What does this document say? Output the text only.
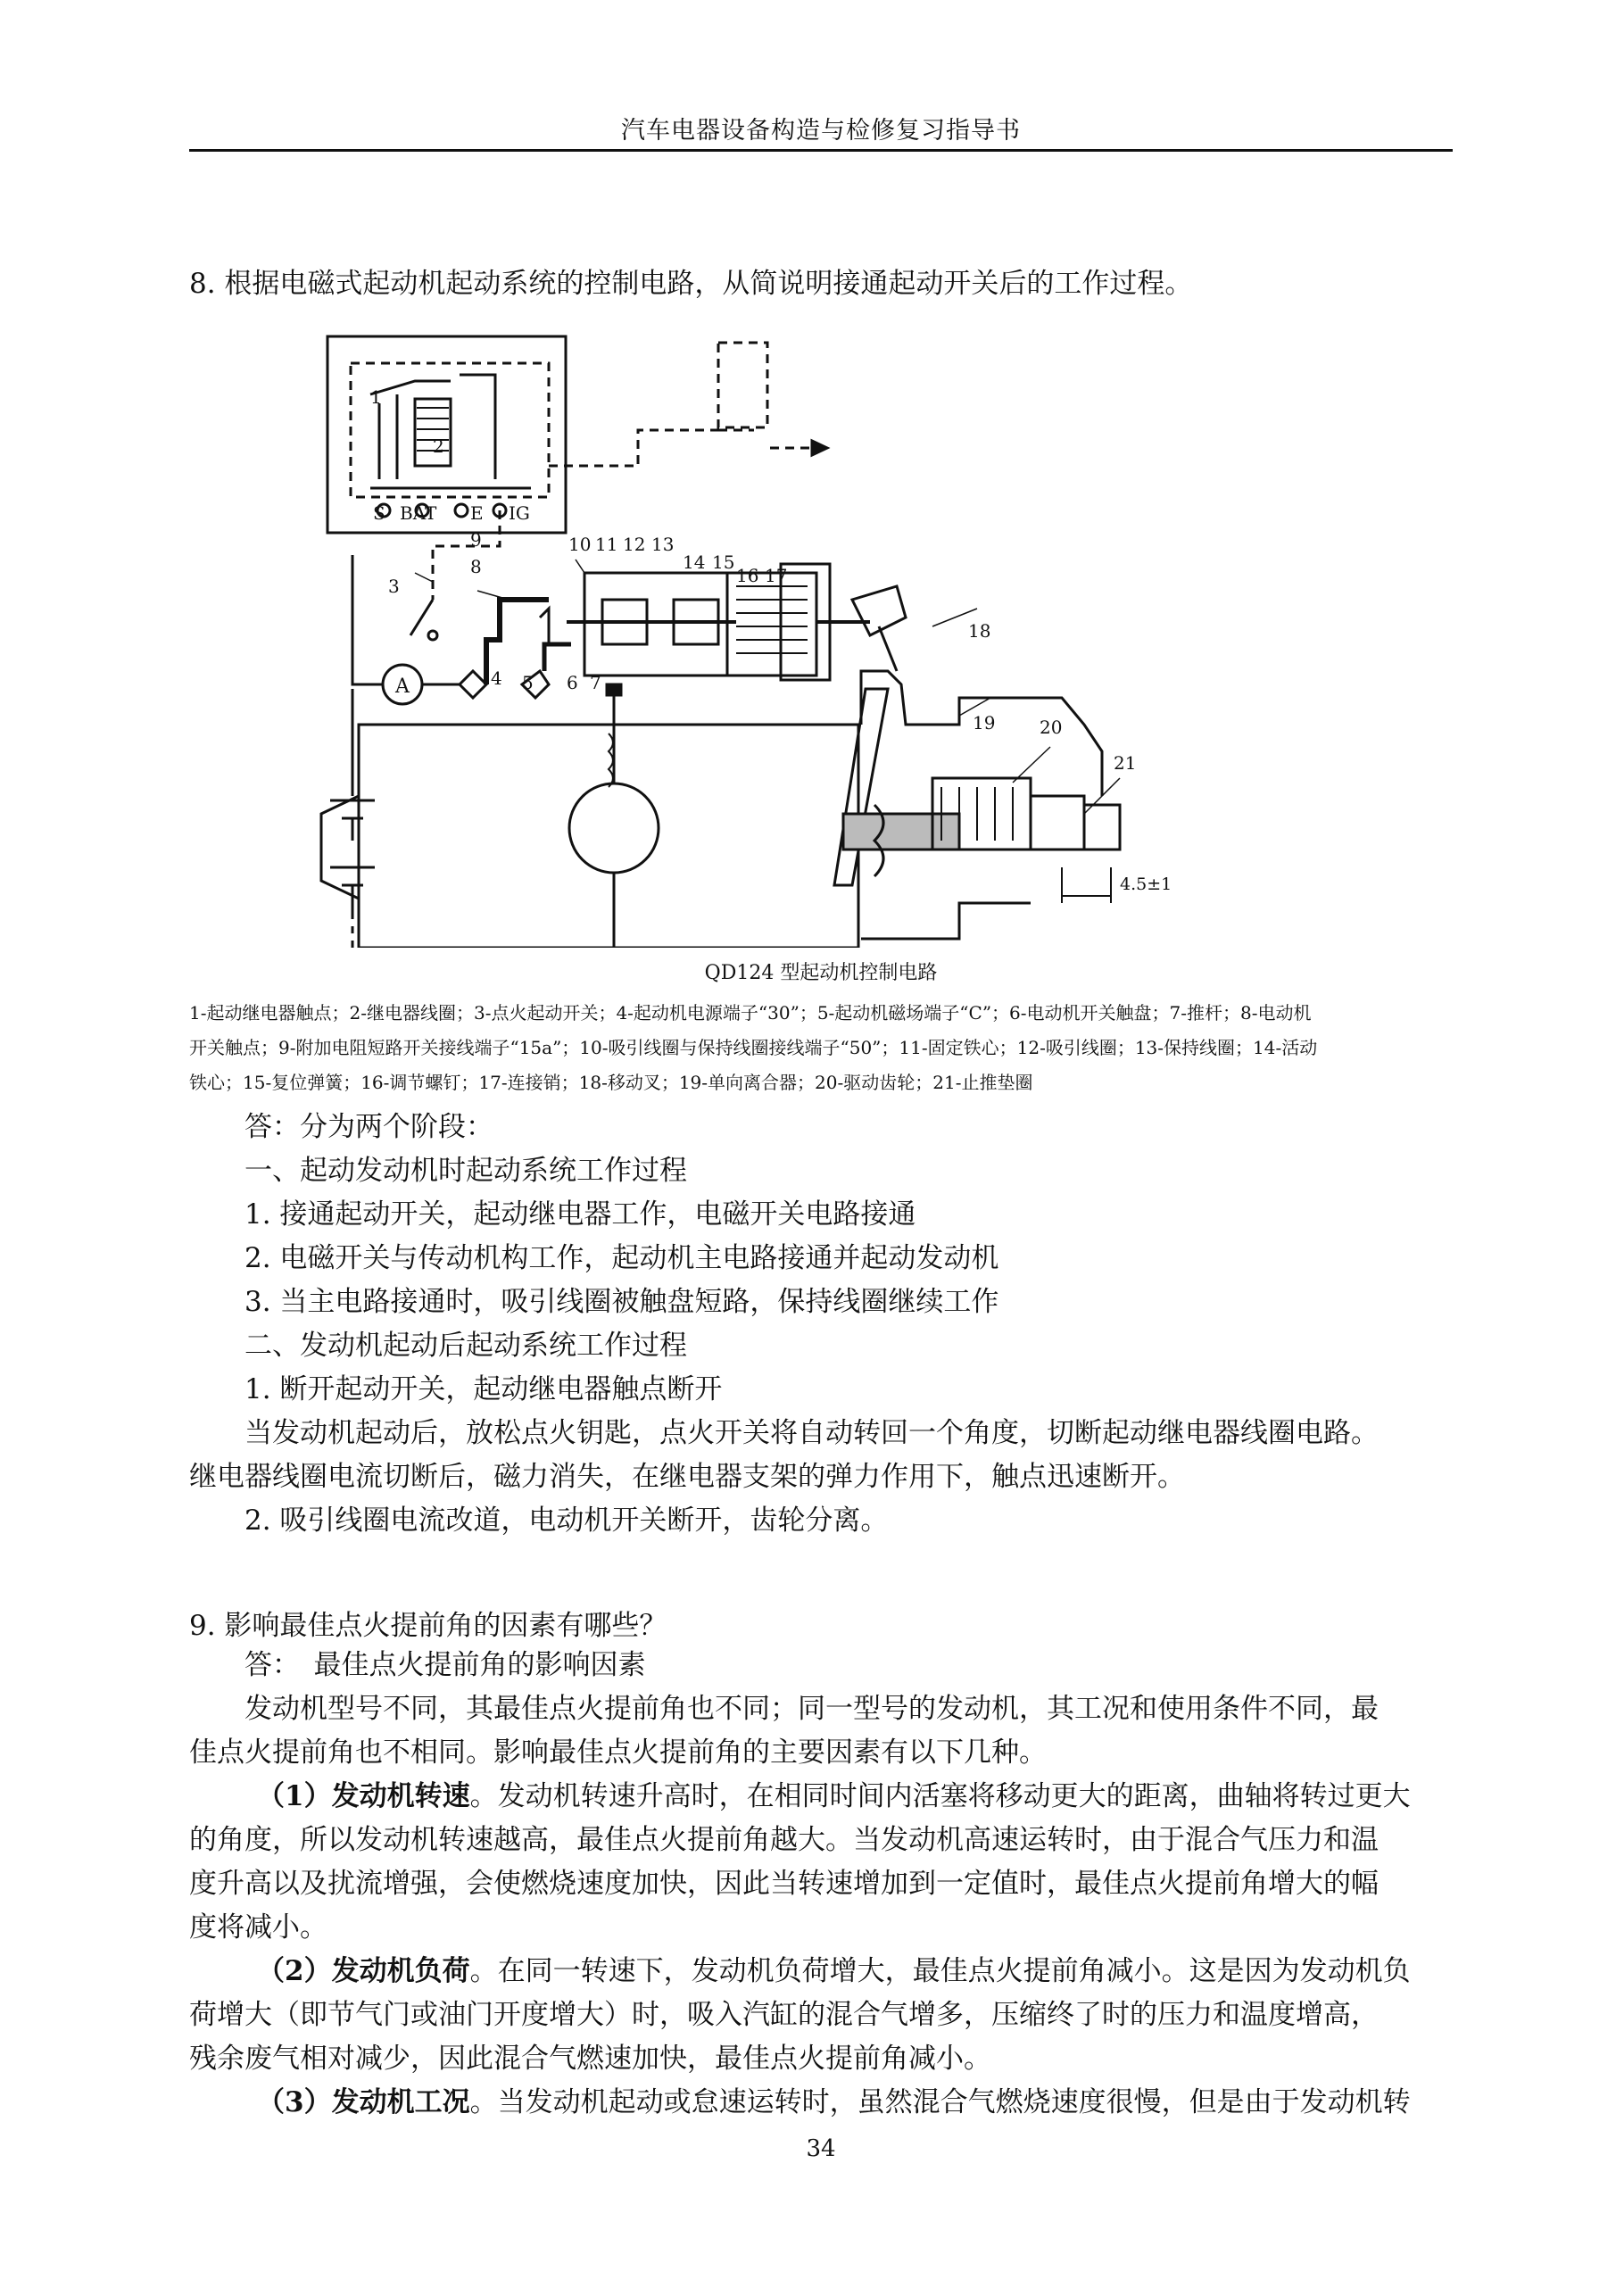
汽车电器设备构造与检修复习指导书
8. 根据电磁式起动机起动系统的控制电路，从简说明接通起动开关后的工作过程。
A
S BAT E IG
1
2
3
4 5 6 7
8
9	10 11 12 13
14 15
16 17
18
19 20
21
4.5±1
QD124 型起动机控制电路
1-起动继电器触点；2-继电器线圈；3-点火起动开关；4-起动机电源端子“30”；5-起动机磁场端子“C”；6-电动机开关触盘；7-推杆；8-电动机
开关触点；9-附加电阻短路开关接线端子“15a”；10-吸引线圈与保持线圈接线端子“50”；11-固定铁心；12-吸引线圈；13-保持线圈；14-活动
铁心；15-复位弹簧；16-调节螺钉；17-连接销；18-移动叉；19-单向离合器；20-驱动齿轮；21-止推垫圈
答：分为两个阶段：
一、起动发动机时起动系统工作过程
1. 接通起动开关，起动继电器工作，电磁开关电路接通
2. 电磁开关与传动机构工作，起动机主电路接通并起动发动机
3. 当主电路接通时，吸引线圈被触盘短路，保持线圈继续工作
二、发动机起动后起动系统工作过程
1. 断开起动开关，起动继电器触点断开
当发动机起动后，放松点火钥匙，点火开关将自动转回一个角度，切断起动继电器线圈电路。
继电器线圈电流切断后，磁力消失，在继电器支架的弹力作用下，触点迅速断开。
2. 吸引线圈电流改道，电动机开关断开，齿轮分离。
9. 影响最佳点火提前角的因素有哪些？
答：　最佳点火提前角的影响因素
发动机型号不同，其最佳点火提前角也不同；同一型号的发动机，其工况和使用条件不同，最
佳点火提前角也不相同。影响最佳点火提前角的主要因素有以下几种。
（1）发动机转速。发动机转速升高时，在相同时间内活塞将移动更大的距离，曲轴将转过更大
的角度，所以发动机转速越高，最佳点火提前角越大。当发动机高速运转时，由于混合气压力和温
度升高以及扰流增强，会使燃烧速度加快，因此当转速增加到一定值时，最佳点火提前角增大的幅
度将减小。
（2）发动机负荷。在同一转速下，发动机负荷增大，最佳点火提前角减小。这是因为发动机负
荷增大（即节气门或油门开度增大）时，吸入汽缸的混合气增多，压缩终了时的压力和温度增高，
残余废气相对减少，因此混合气燃速加快，最佳点火提前角减小。
（3）发动机工况。当发动机起动或怠速运转时，虽然混合气燃烧速度很慢，但是由于发动机转
34
